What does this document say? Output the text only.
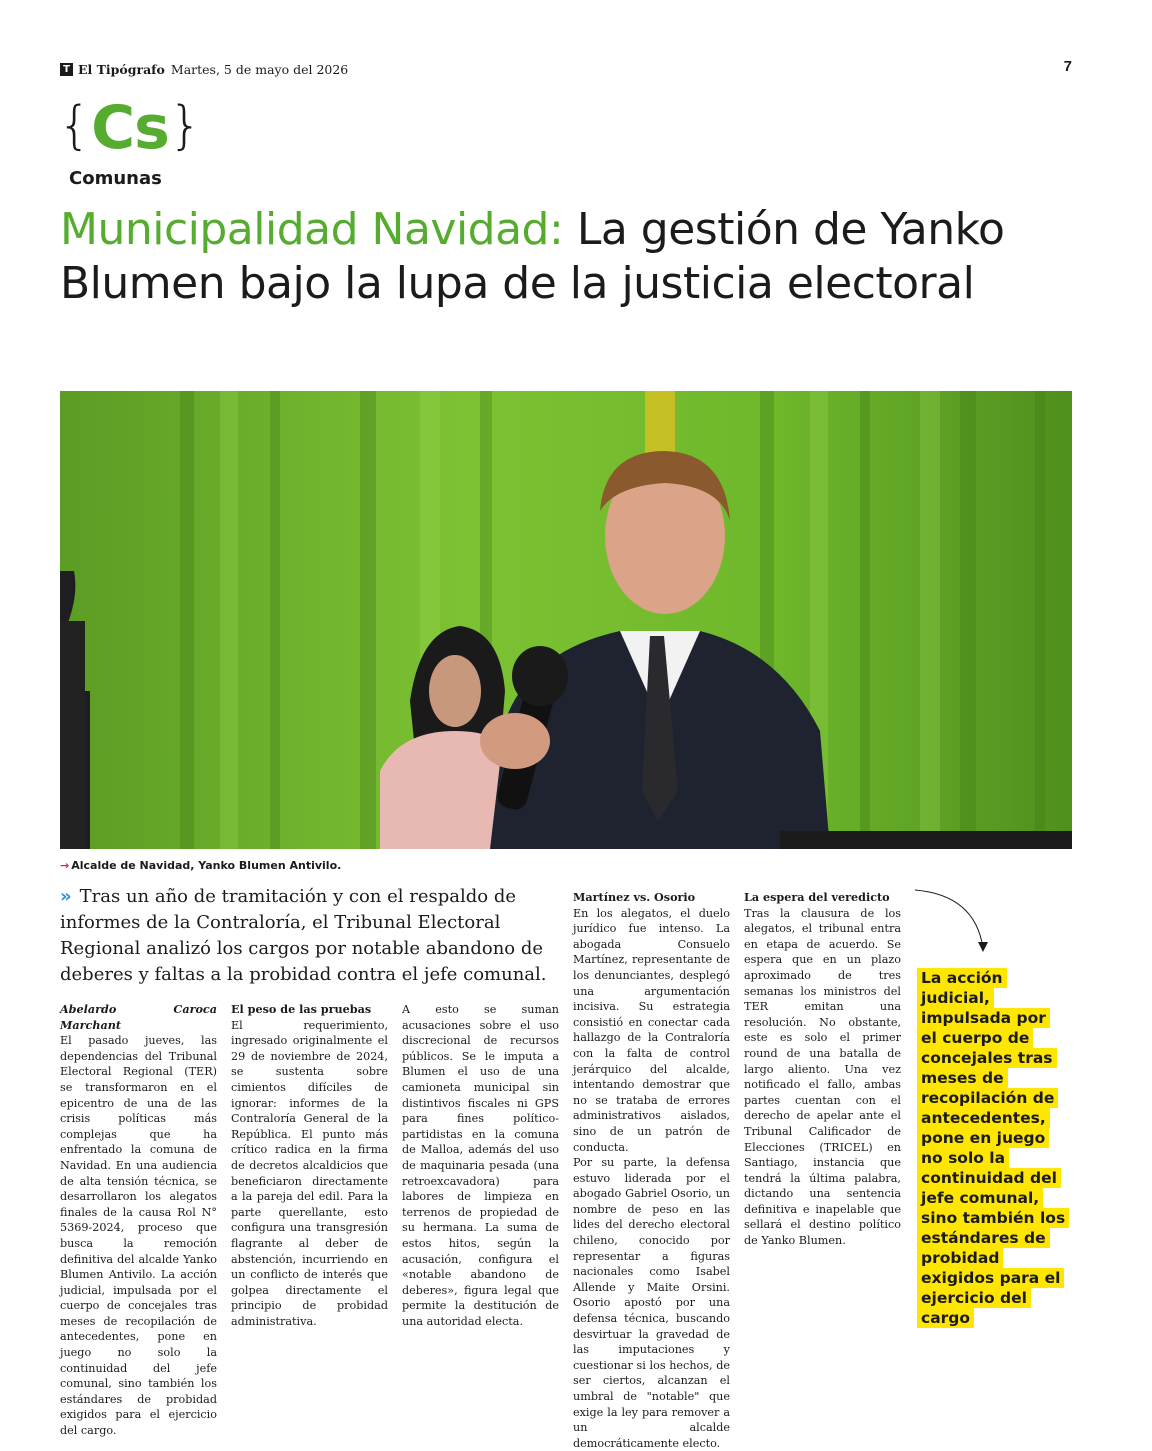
T El Tipógrafo Martes, 5 de mayo del 2026	7
{Cs}
Comunas
Municipalidad Navidad: La gestión de Yanko Blumen bajo la lupa de la justicia electoral
→ Alcalde de Navidad, Yanko Blumen Antivilo.

» Tras un año de tramitación y con el respaldo de informes de la Contraloría, el Tribunal Electoral Regional analizó los cargos por notable abandono de deberes y faltas a la probidad contra el jefe comunal.

Abelardo Caroca Marchant
El pasado jueves, las dependencias del Tribunal Electoral Regional (TER) se transformaron en el epicentro de una de las crisis políticas más complejas que ha enfrentado la comuna de Navidad. En una audiencia de alta tensión técnica, se desarrollaron los alegatos finales de la causa Rol N° 5369-2024, proceso que busca la remoción definitiva del alcalde Yanko Blumen Antivilo. La acción judicial, impulsada por el cuerpo de concejales tras meses de recopilación de antecedentes, pone en juego no solo la continuidad del jefe comunal, sino también los estándares de probidad exigidos para el ejercicio del cargo.

El peso de las pruebas

El requerimiento, ingresado originalmente el 29 de noviembre de 2024, se sustenta sobre cimientos difíciles de ignorar: informes de la Contraloría General de la República. El punto más crítico radica en la firma de decretos alcaldicios que beneficiaron directamente a la pareja del edil. Para la parte querellante, esto configura una transgresión flagrante al deber de abstención, incurriendo en un conflicto de interés que golpea directamente el principio de probidad administrativa.

A esto se suman acusaciones sobre el uso discrecional de recursos públicos. Se le imputa a Blumen el uso de una camioneta municipal sin distintivos fiscales ni GPS para fines político-partidistas en la comuna de Malloa, además del uso de maquinaria pesada (una retroexcavadora) para labores de limpieza en terrenos de propiedad de su hermana. La suma de estos hitos, según la acusación, configura el «notable abandono de deberes», figura legal que permite la destitución de una autoridad electa.

Martínez vs. Osorio

En los alegatos, el duelo jurídico fue intenso. La abogada Consuelo Martínez, representante de los denunciantes, desplegó una argumentación incisiva. Su estrategia consistió en conectar cada hallazgo de la Contraloría con la falta de control jerárquico del alcalde, intentando demostrar que no se trataba de errores administrativos aislados, sino de un patrón de conducta.

Por su parte, la defensa estuvo liderada por el abogado Gabriel Osorio, un nombre de peso en las lides del derecho electoral chileno, conocido por representar a figuras nacionales como Isabel Allende y Maite Orsini. Osorio apostó por una defensa técnica, buscando desvirtuar la gravedad de las imputaciones y cuestionar si los hechos, de ser ciertos, alcanzan el umbral de "notable" que exige la ley para remover a un alcalde democráticamente electo.

La espera del veredicto

Tras la clausura de los alegatos, el tribunal entra en etapa de acuerdo. Se espera que en un plazo aproximado de tres semanas los ministros del TER emitan una resolución. No obstante, este es solo el primer round de una batalla de largo aliento. Una vez notificado el fallo, ambas partes cuentan con el derecho de apelar ante el Tribunal Calificador de Elecciones (TRICEL) en Santiago, instancia que tendrá la última palabra, dictando una sentencia definitiva e inapelable que sellará el destino político de Yanko Blumen.

La acción judicial, impulsada por el cuerpo de concejales tras meses de recopilación de antecedentes, pone en juego no solo la continuidad del jefe comunal, sino también los estándares de probidad exigidos para el ejercicio del cargo
